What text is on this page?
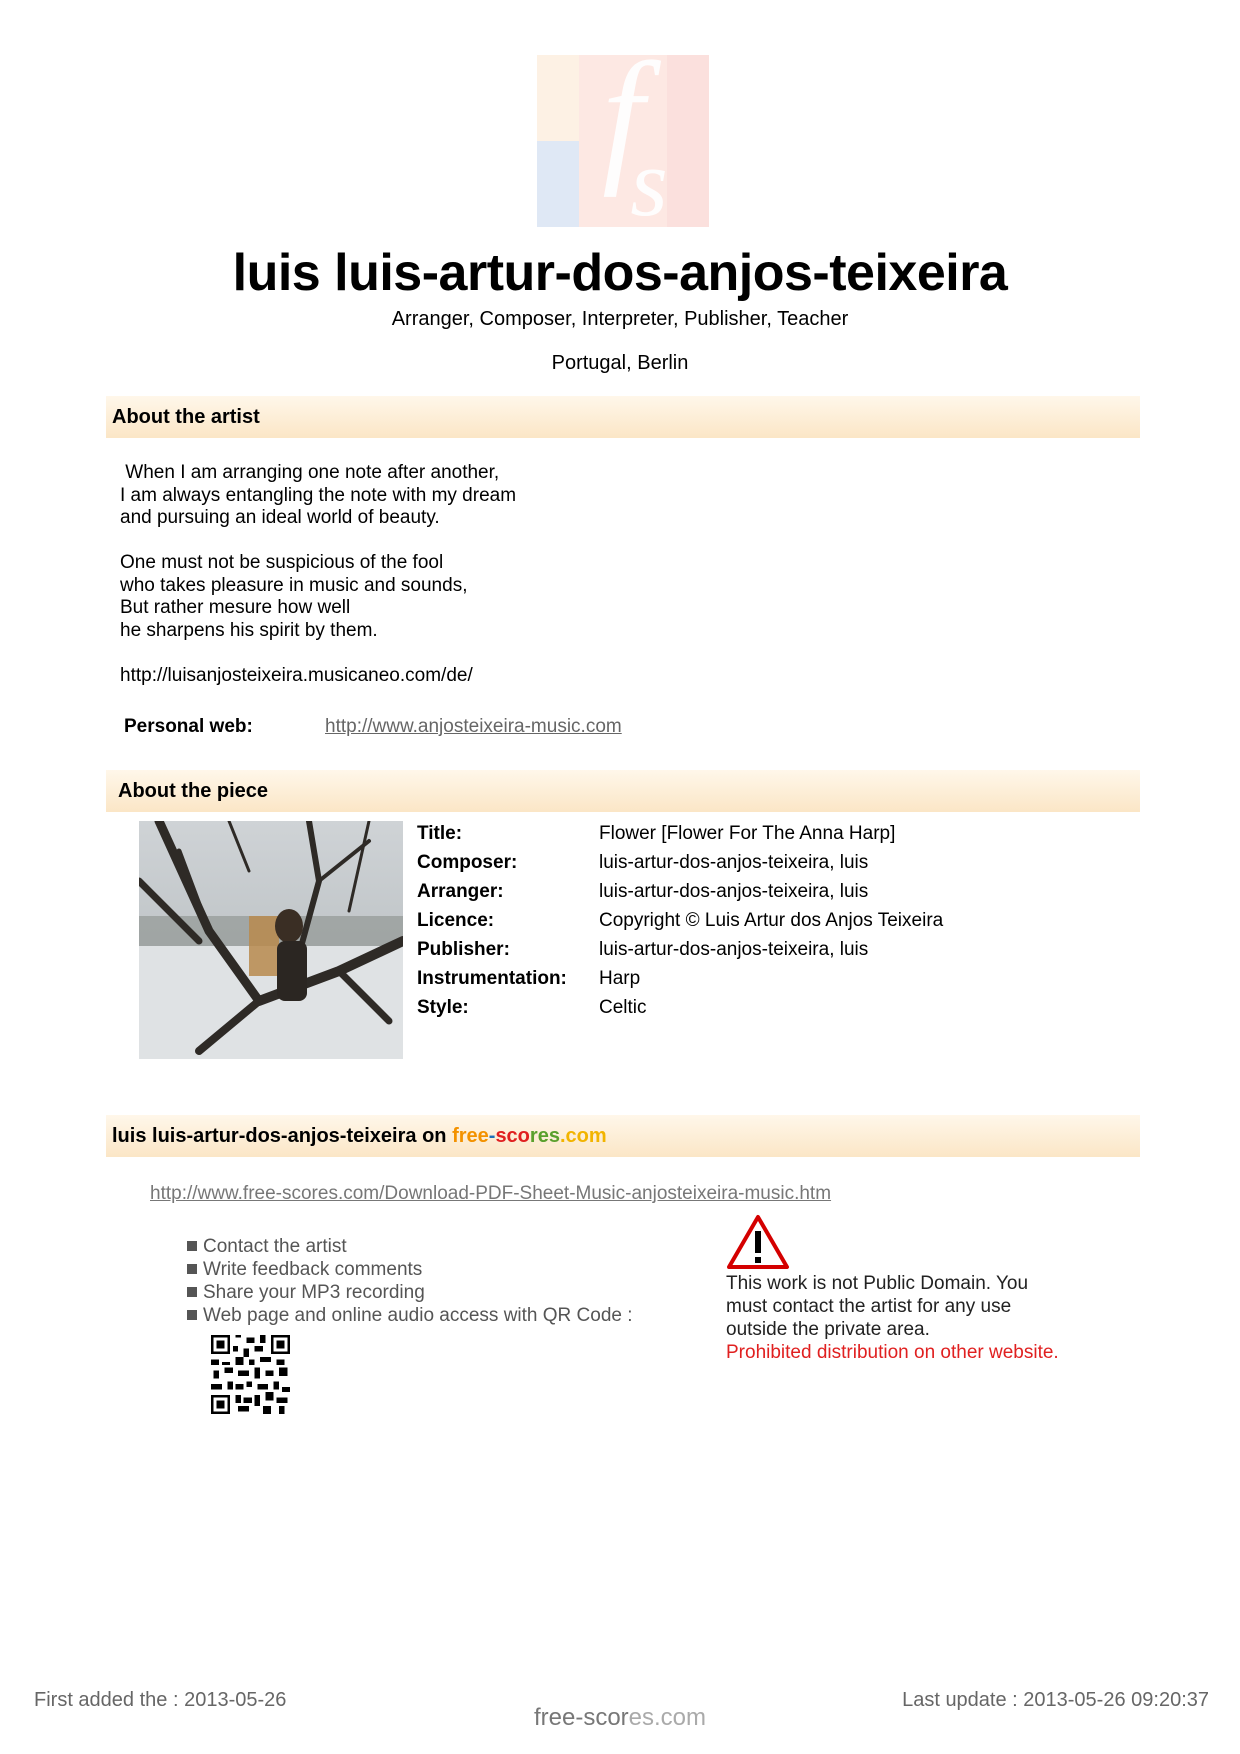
f
s
luis luis-artur-dos-anjos-teixeira
Arranger, Composer, Interpreter, Publisher, Teacher
Portugal, Berlin
About the artist
When I am arranging one note after another,
I am always entangling the note with my dream
and pursuing an ideal world of beauty.

One must not be suspicious of the fool
who takes pleasure in music and sounds,
But rather mesure how well
he sharpens his spirit by them.

http://luisanjosteixeira.musicaneo.com/de/
Personal web:	http://www.anjosteixeira-music.com
About the piece
Title:	Flower [Flower For The Anna Harp]
Composer:	luis-artur-dos-anjos-teixeira, luis
Arranger:	luis-artur-dos-anjos-teixeira, luis
Licence:	Copyright © Luis Artur dos Anjos Teixeira
Publisher:	luis-artur-dos-anjos-teixeira, luis
Instrumentation: Harp
Style:	Celtic
luis luis-artur-dos-anjos-teixeira on free-scores.com
http://www.free-scores.com/Download-PDF-Sheet-Music-anjosteixeira-music.htm
Contact the artist
Write feedback comments
Share your MP3 recording
Web page and online audio access with QR Code :
This work is not Public Domain. You
must contact the artist for any use
outside the private area.
Prohibited distribution on other website.
First added the : 2013-05-26	Last update : 2013-05-26 09:20:37
free-scores.com
